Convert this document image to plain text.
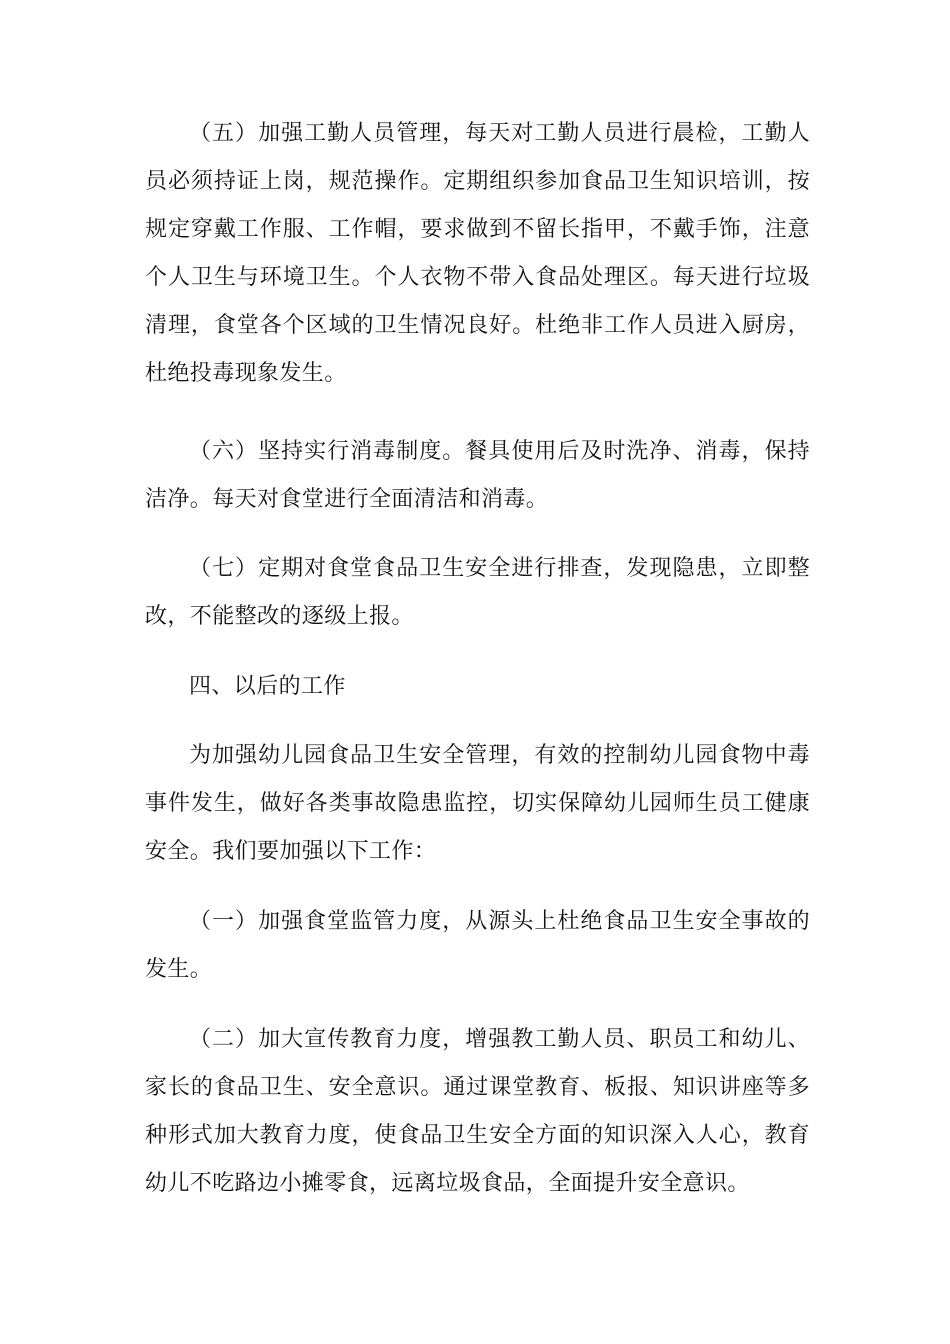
（五）加强工勤人员管理，每天对工勤人员进行晨检，工勤人员必须持证上岗，规范操作。定期组织参加食品卫生知识培训，按规定穿戴工作服、工作帽，要求做到不留长指甲，不戴手饰，注意个人卫生与环境卫生。个人衣物不带入食品处理区。每天进行垃圾清理，食堂各个区域的卫生情况良好。杜绝非工作人员进入厨房，杜绝投毒现象发生。

（六）坚持实行消毒制度。餐具使用后及时洗净、消毒，保持洁净。每天对食堂进行全面清洁和消毒。

（七）定期对食堂食品卫生安全进行排查，发现隐患，立即整改，不能整改的逐级上报。

四、以后的工作

为加强幼儿园食品卫生安全管理，有效的控制幼儿园食物中毒事件发生，做好各类事故隐患监控，切实保障幼儿园师生员工健康安全。我们要加强以下工作：

（一）加强食堂监管力度，从源头上杜绝食品卫生安全事故的发生。

（二）加大宣传教育力度，增强教工勤人员、职员工和幼儿、家长的食品卫生、安全意识。通过课堂教育、板报、知识讲座等多种形式加大教育力度，使食品卫生安全方面的知识深入人心，教育幼儿不吃路边小摊零食，远离垃圾食品，全面提升安全意识。
